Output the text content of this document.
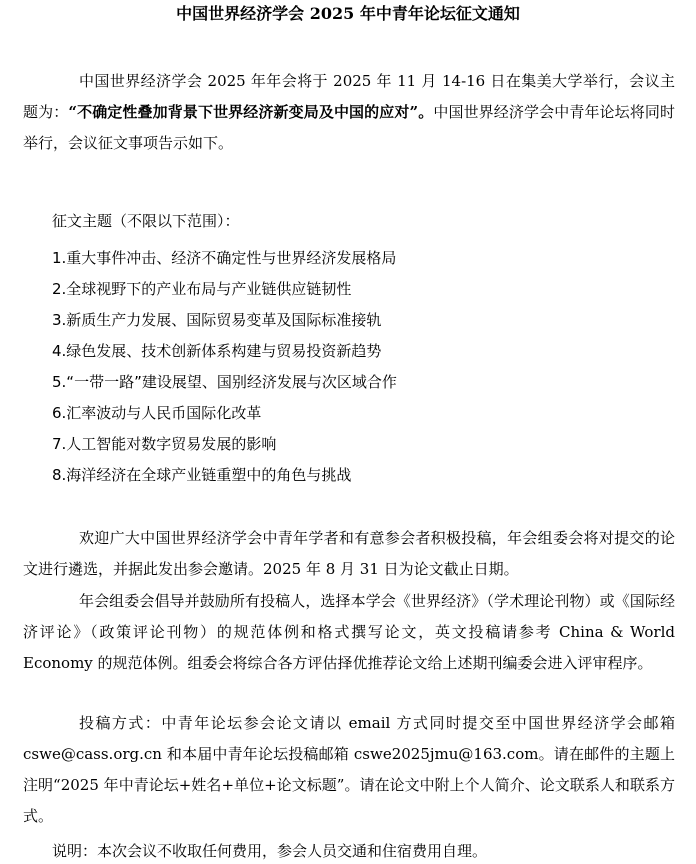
中国世界经济学会 2025 年中青年论坛征文通知

中国世界经济学会 2025 年年会将于 2025 年 11 月 14-16 日在集美大学举行，会议主题为：“不确定性叠加背景下世界经济新变局及中国的应对”。中国世界经济学会中青年论坛将同时举行，会议征文事项告示如下。

征文主题（不限以下范围）：
1.重大事件冲击、经济不确定性与世界经济发展格局
2.全球视野下的产业布局与产业链供应链韧性
3.新质生产力发展、国际贸易变革及国际标准接轨
4.绿色发展、技术创新体系构建与贸易投资新趋势
5.“一带一路”建设展望、国别经济发展与次区域合作
6.汇率波动与人民币国际化改革
7.人工智能对数字贸易发展的影响
8.海洋经济在全球产业链重塑中的角色与挑战

欢迎广大中国世界经济学会中青年学者和有意参会者积极投稿，年会组委会将对提交的论文进行遴选，并据此发出参会邀请。2025 年 8 月 31 日为论文截止日期。

年会组委会倡导并鼓励所有投稿人，选择本学会《世界经济》（学术理论刊物）或《国际经济评论》（政策评论刊物）的规范体例和格式撰写论文，英文投稿请参考 China & World Economy 的规范体例。组委会将综合各方评估择优推荐论文给上述期刊编委会进入评审程序。

投稿方式：中青年论坛参会论文请以 email 方式同时提交至中国世界经济学会邮箱 cswe@cass.org.cn 和本届中青年论坛投稿邮箱 cswe2025jmu@163.com。请在邮件的主题上注明“2025 年中青论坛+姓名+单位+论文标题”。请在论文中附上个人简介、论文联系人和联系方式。

说明：本次会议不收取任何费用，参会人员交通和住宿费用自理。
